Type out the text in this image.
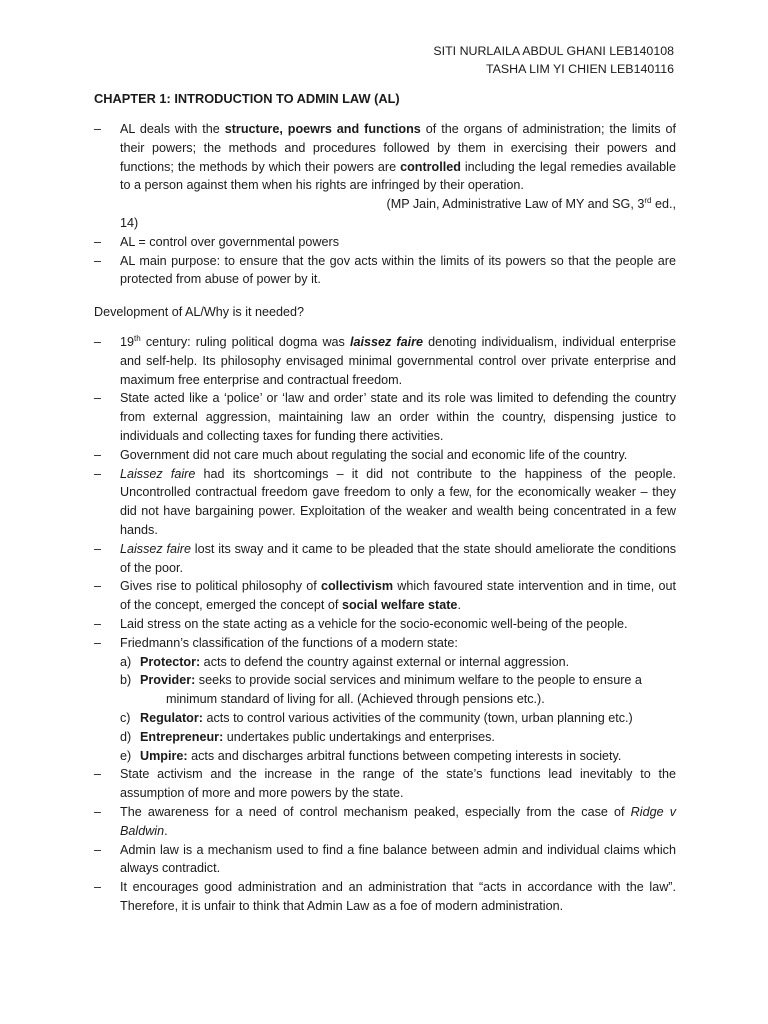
SITI NURLAILA ABDUL GHANI LEB140108
TASHA LIM YI CHIEN LEB140116
CHAPTER 1: INTRODUCTION TO ADMIN LAW (AL)
– AL deals with the structure, poewrs and functions of the organs of administration; the limits of their powers; the methods and procedures followed by them in exercising their powers and functions; the methods by which their powers are controlled including the legal remedies available to a person against them when his rights are infringed by their operation.
(MP Jain, Administrative Law of MY and SG, 3rd ed.,
14)
– AL = control over governmental powers
– AL main purpose: to ensure that the gov acts within the limits of its powers so that the people are protected from abuse of power by it.
Development of AL/Why is it needed?
– 19th century: ruling political dogma was laissez faire denoting individualism, individual enterprise and self-help. Its philosophy envisaged minimal governmental control over private enterprise and maximum free enterprise and contractual freedom.
– State acted like a ‘police’ or ‘law and order’ state and its role was limited to defending the country from external aggression, maintaining law an order within the country, dispensing justice to individuals and collecting taxes for funding there activities.
– Government did not care much about regulating the social and economic life of the country.
– Laissez faire had its shortcomings – it did not contribute to the happiness of the people. Uncontrolled contractual freedom gave freedom to only a few, for the economically weaker – they did not have bargaining power. Exploitation of the weaker and wealth being concentrated in a few hands.
– Laissez faire lost its sway and it came to be pleaded that the state should ameliorate the conditions of the poor.
– Gives rise to political philosophy of collectivism which favoured state intervention and in time, out of the concept, emerged the concept of social welfare state.
– Laid stress on the state acting as a vehicle for the socio-economic well-being of the people.
– Friedmann’s classification of the functions of a modern state:
a) Protector: acts to defend the country against external or internal aggression.
b) Provider: seeks to provide social services and minimum welfare to the people to ensure a
minimum standard of living for all. (Achieved through pensions etc.).
c) Regulator: acts to control various activities of the community (town, urban planning etc.)
d) Entrepreneur: undertakes public undertakings and enterprises.
e) Umpire: acts and discharges arbitral functions between competing interests in society.
– State activism and the increase in the range of the state’s functions lead inevitably to the assumption of more and more powers by the state.
– The awareness for a need of control mechanism peaked, especially from the case of Ridge v Baldwin.
– Admin law is a mechanism used to find a fine balance between admin and individual claims which always contradict.
– It encourages good administration and an administration that “acts in accordance with the law”. Therefore, it is unfair to think that Admin Law as a foe of modern administration.
